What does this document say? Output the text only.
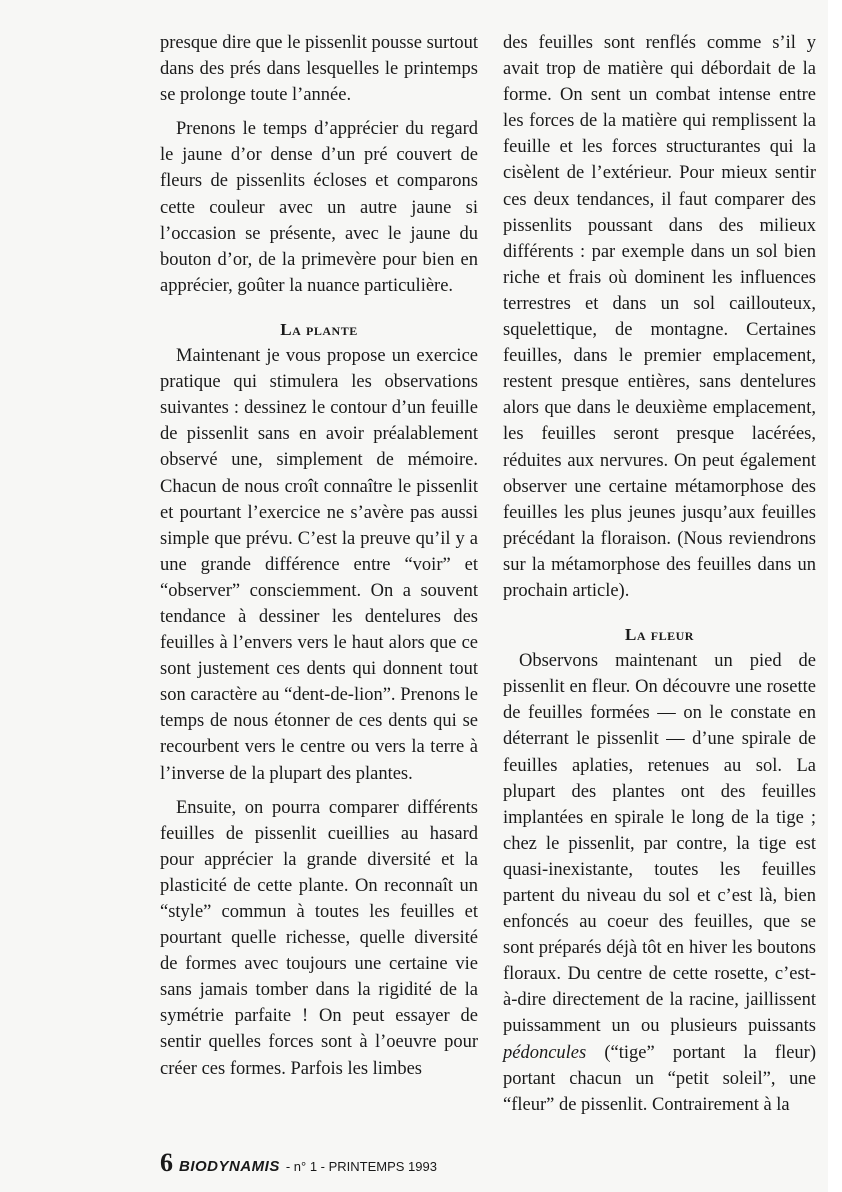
presque dire que le pissenlit pousse surtout dans des prés dans lesquelles le printemps se prolonge toute l’année.

Prenons le temps d’apprécier du regard le jaune d’or dense d’un pré couvert de fleurs de pissenlits écloses et comparons cette couleur avec un autre jaune si l’occasion se présente, avec le jaune du bouton d’or, de la primevère pour bien en apprécier, goûter la nuance particulière.

La plante

Maintenant je vous propose un exercice pratique qui stimulera les observations suivantes : dessinez le contour d’un feuille de pissenlit sans en avoir préalablement observé une, simplement de mémoire. Chacun de nous croît connaître le pissenlit et pourtant l’exercice ne s’avère pas aussi simple que prévu. C’est la preuve qu’il y a une grande différence entre “voir” et “observer” consciemment. On a souvent tendance à dessiner les dentelures des feuilles à l’envers vers le haut alors que ce sont justement ces dents qui donnent tout son caractère au “dent-de-lion”. Prenons le temps de nous étonner de ces dents qui se recourbent vers le centre ou vers la terre à l’inverse de la plupart des plantes.

Ensuite, on pourra comparer différents feuilles de pissenlit cueillies au hasard pour apprécier la grande diversité et la plasticité de cette plante. On reconnaît un “style” commun à toutes les feuilles et pourtant quelle richesse, quelle diversité de formes avec toujours une certaine vie sans jamais tomber dans la rigidité de la symétrie parfaite ! On peut essayer de sentir quelles forces sont à l’oeuvre pour créer ces formes. Parfois les limbes

des feuilles sont renflés comme s’il y avait trop de matière qui débordait de la forme. On sent un combat intense entre les forces de la matière qui remplissent la feuille et les forces structurantes qui la cisèlent de l’extérieur. Pour mieux sentir ces deux tendances, il faut comparer des pissenlits poussant dans des milieux différents : par exemple dans un sol bien riche et frais où dominent les influences terrestres et dans un sol caillouteux, squelettique, de montagne. Certaines feuilles, dans le premier emplacement, restent presque entières, sans dentelures alors que dans le deuxième emplacement, les feuilles seront presque lacérées, réduites aux nervures. On peut également observer une certaine métamorphose des feuilles les plus jeunes jusqu’aux feuilles précédant la floraison. (Nous reviendrons sur la métamorphose des feuilles dans un prochain article).

La fleur

Observons maintenant un pied de pissenlit en fleur. On découvre une rosette de feuilles formées — on le constate en déterrant le pissenlit — d’une spirale de feuilles aplaties, retenues au sol. La plupart des plantes ont des feuilles implantées en spirale le long de la tige ; chez le pissenlit, par contre, la tige est quasi-inexistante, toutes les feuilles partent du niveau du sol et c’est là, bien enfoncés au coeur des feuilles, que se sont préparés déjà tôt en hiver les boutons floraux. Du centre de cette rosette, c’est-à-dire directement de la racine, jaillissent puissamment un ou plusieurs puissants pédoncules (“tige” portant la fleur) portant chacun un “petit soleil”, une “fleur” de pissenlit. Contrairement à la

6 BIODYNAMIS - n° 1 - PRINTEMPS 1993
